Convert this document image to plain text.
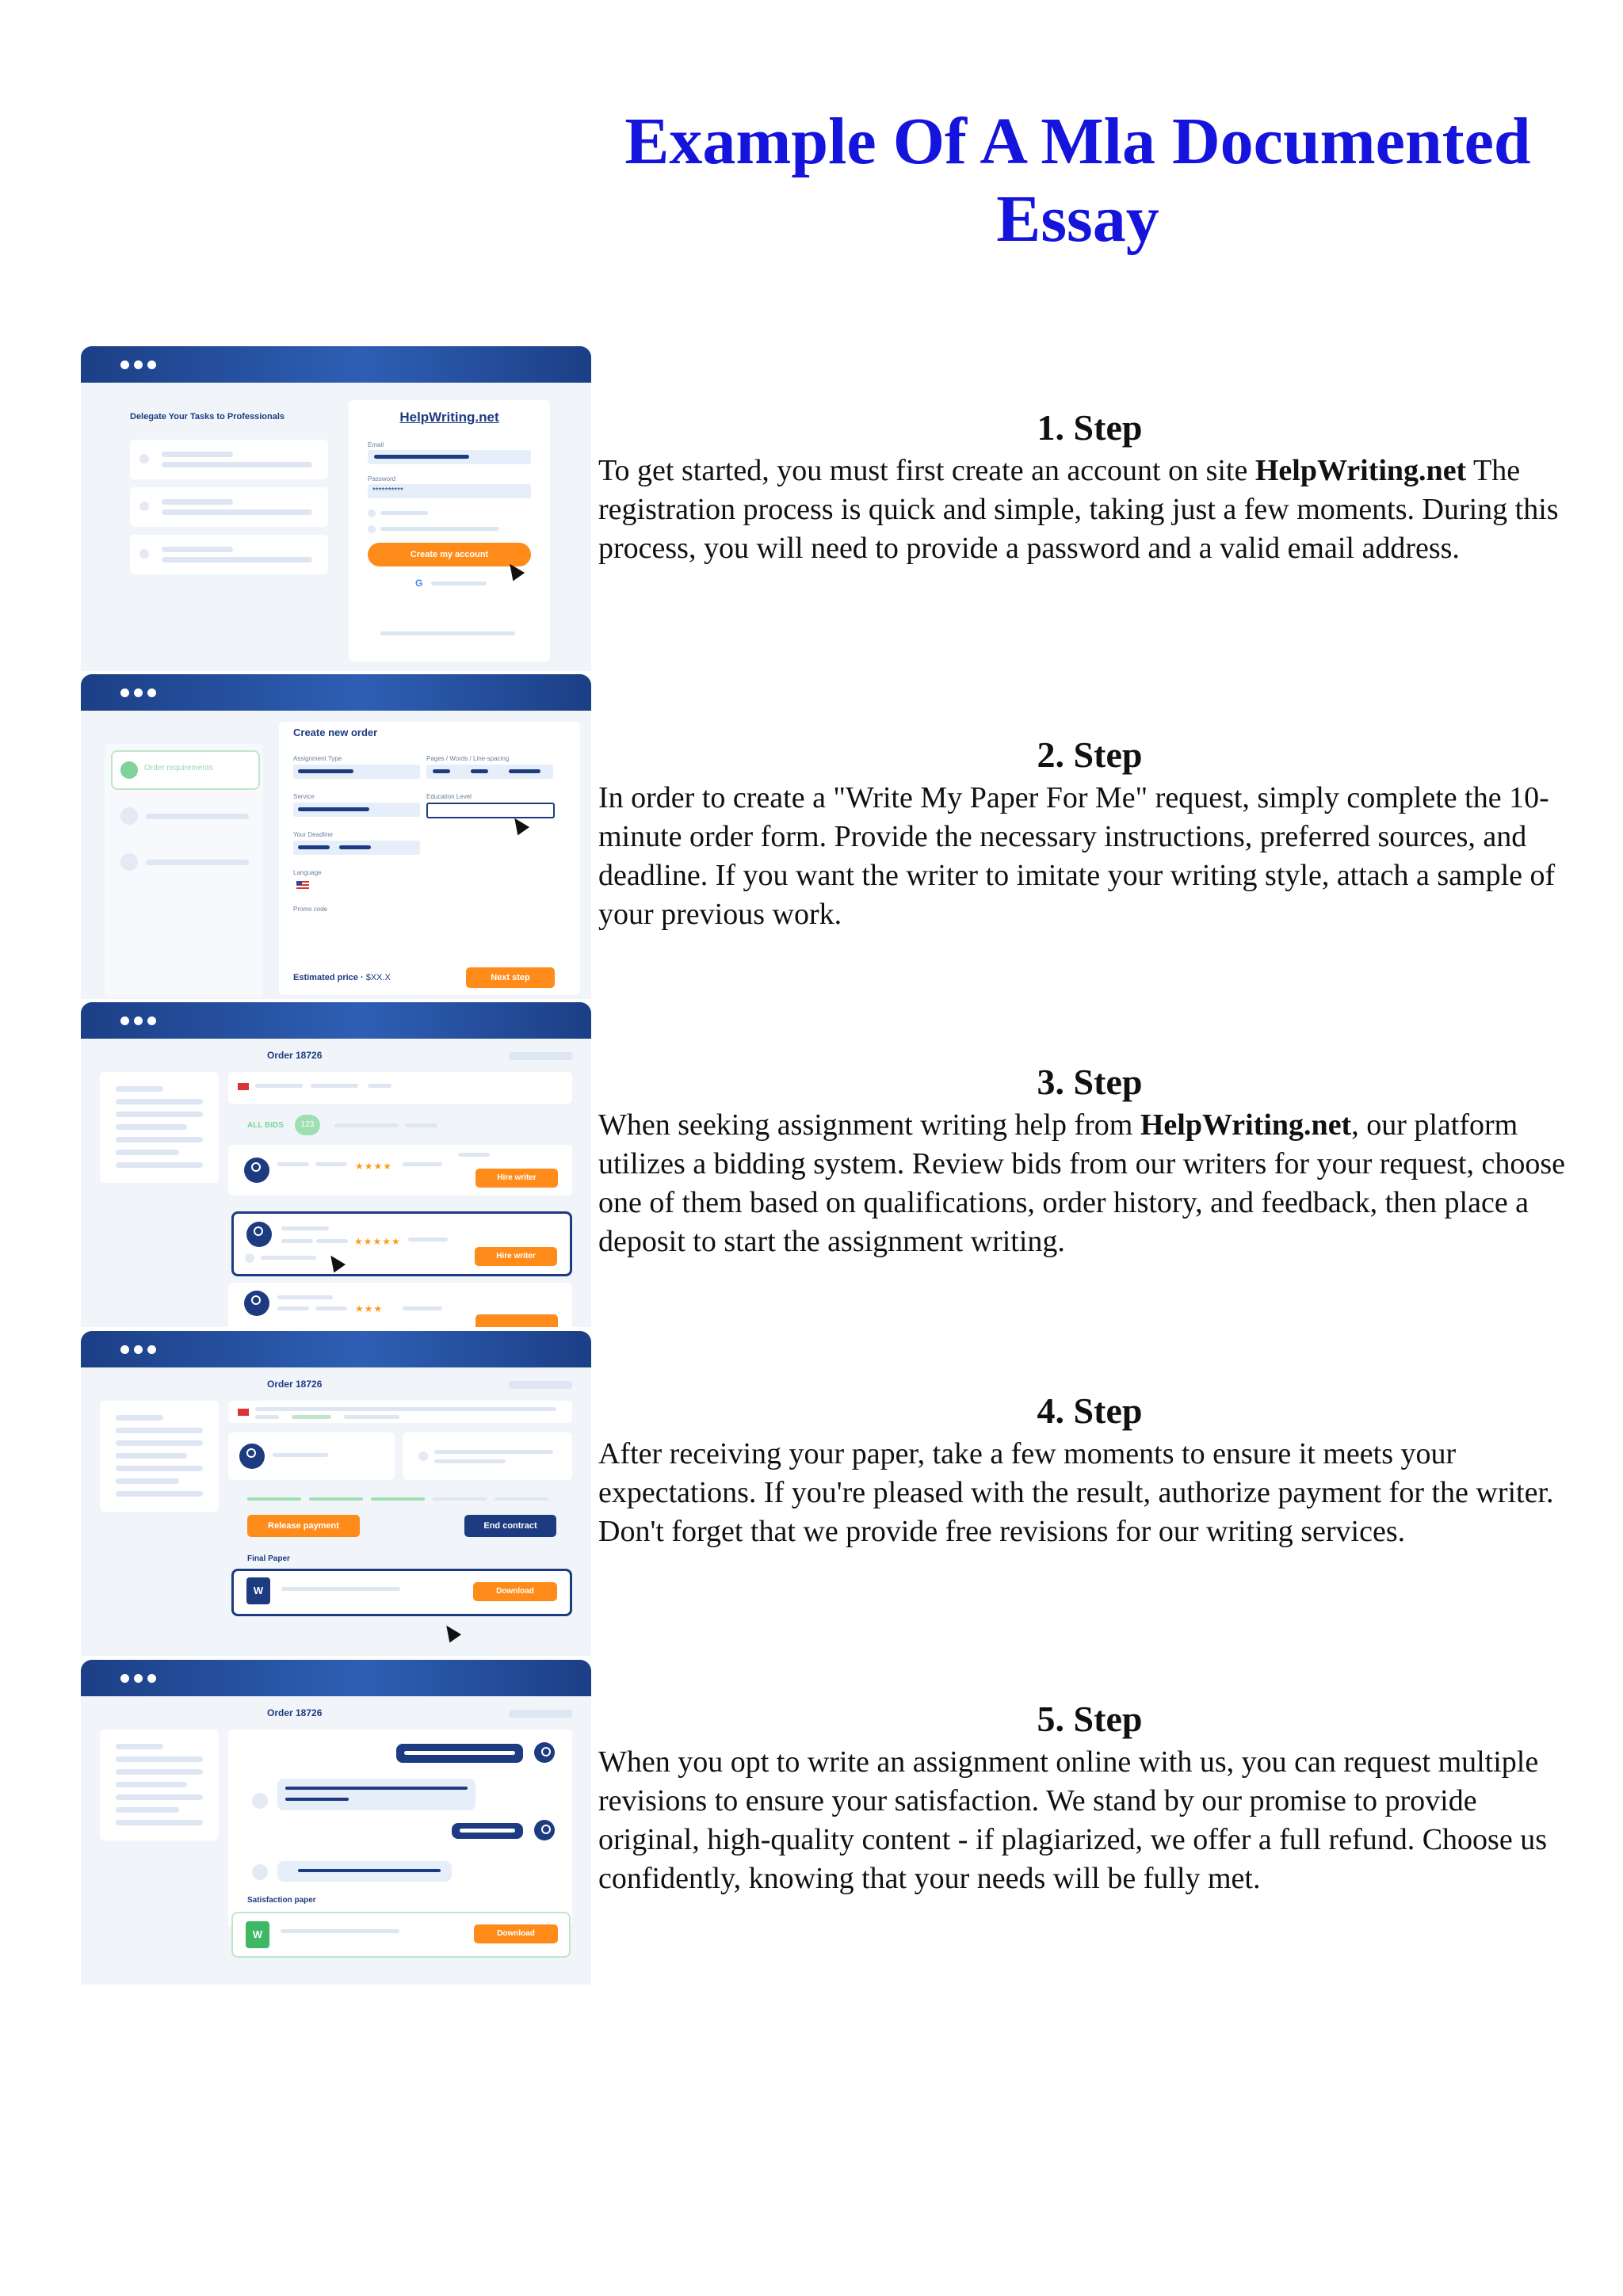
Example Of A Mla Documented Essay

1. Step

To get started, you must first create an account on site HelpWriting.net The registration process is quick and simple, taking just a few moments. During this process, you will need to provide a password and a valid email address.

2. Step

In order to create a "Write My Paper For Me" request, simply complete the 10-minute order form. Provide the necessary instructions, preferred sources, and deadline. If you want the writer to imitate your writing style, attach a sample of your previous work.

3. Step

When seeking assignment writing help from HelpWriting.net, our platform utilizes a bidding system. Review bids from our writers for your request, choose one of them based on qualifications, order history, and feedback, then place a deposit to start the assignment writing.

4. Step

After receiving your paper, take a few moments to ensure it meets your expectations. If you're pleased with the result, authorize payment for the writer. Don't forget that we provide free revisions for our writing services.

5. Step

When you opt to write an assignment online with us, you can request multiple revisions to ensure your satisfaction. We stand by our promise to provide original, high-quality content - if plagiarized, we offer a full refund. Choose us confidently, knowing that your needs will be fully met.

Delegate Your Tasks to Professionals	HelpWriting.net
Email
Password
**********
Create my account
G
Order requirements
Create new order
Assignment Type	Pages / Words / Line-spacing
Service	Education Level
Your Deadline
Language
Promo code
Estimated price · $XX.X	Next step
Order 18726
ALL BIDS	123
★★★★
Hire writer
★★★★★
Hire writer
★★★
Order 18726
Release payment	End contract
Final Paper
W	Download
Order 18726
Satisfaction paper
W	Download
